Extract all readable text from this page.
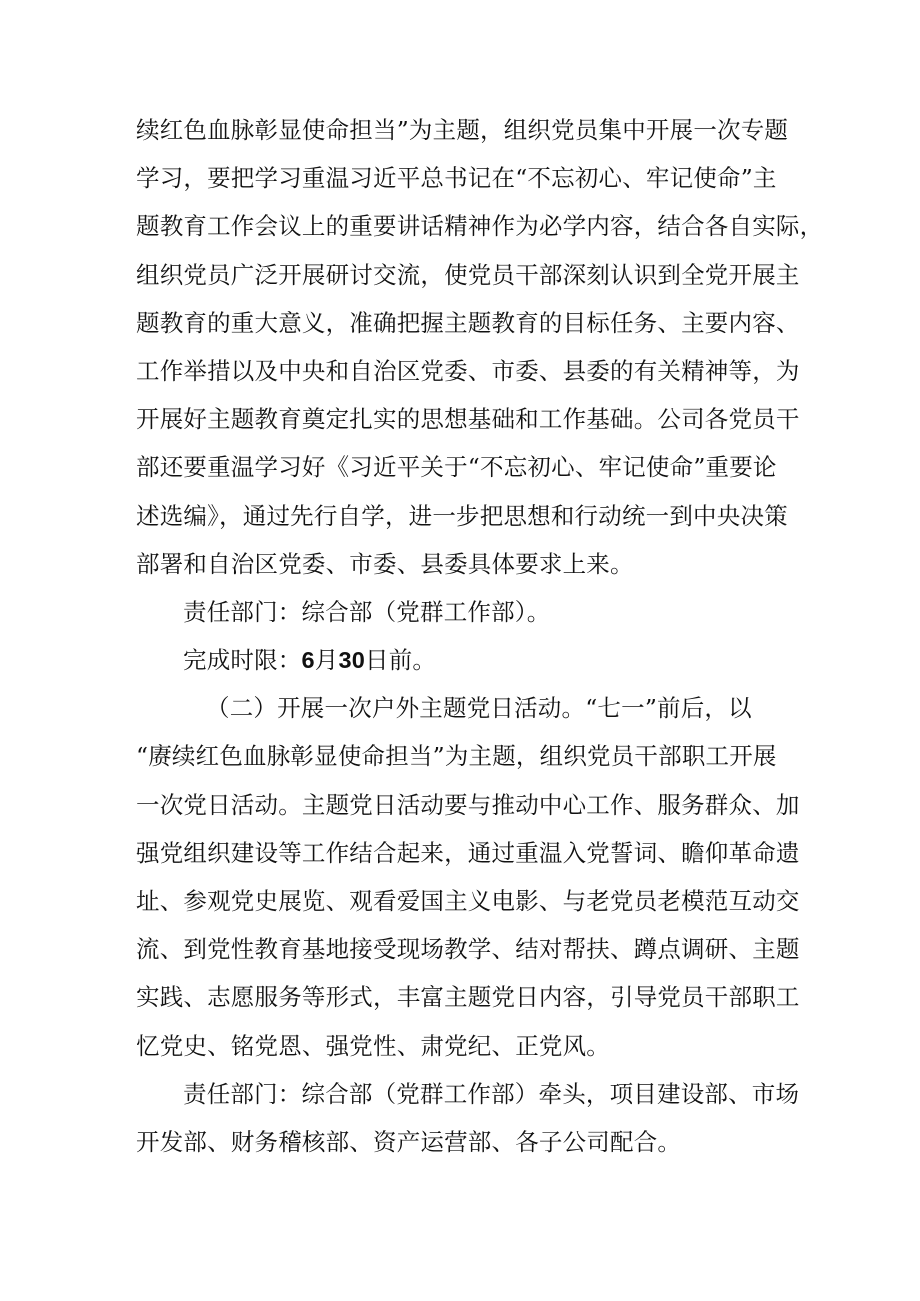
续红色血脉彰显使命担当”为主题，组织党员集中开展一次专题
学习，要把学习重温习近平总书记在“不忘初心、牢记使命”主
题教育工作会议上的重要讲话精神作为必学内容，结合各自实际，
组织党员广泛开展研讨交流，使党员干部深刻认识到全党开展主
题教育的重大意义，准确把握主题教育的目标任务、主要内容、
工作举措以及中央和自治区党委、市委、县委的有关精神等，为
开展好主题教育奠定扎实的思想基础和工作基础。公司各党员干
部还要重温学习好《习近平关于“不忘初心、牢记使命”重要论
述选编》，通过先行自学，进一步把思想和行动统一到中央决策
部署和自治区党委、市委、县委具体要求上来。
责任部门：综合部（党群工作部）。
完成时限：6月30日前。
（二）开展一次户外主题党日活动。“七一”前后，以
“赓续红色血脉彰显使命担当”为主题，组织党员干部职工开展
一次党日活动。主题党日活动要与推动中心工作、服务群众、加
强党组织建设等工作结合起来，通过重温入党誓词、瞻仰革命遗
址、参观党史展览、观看爱国主义电影、与老党员老模范互动交
流、到党性教育基地接受现场教学、结对帮扶、蹲点调研、主题
实践、志愿服务等形式，丰富主题党日内容，引导党员干部职工
忆党史、铭党恩、强党性、肃党纪、正党风。
责任部门：综合部（党群工作部）牵头，项目建设部、市场
开发部、财务稽核部、资产运营部、各子公司配合。
